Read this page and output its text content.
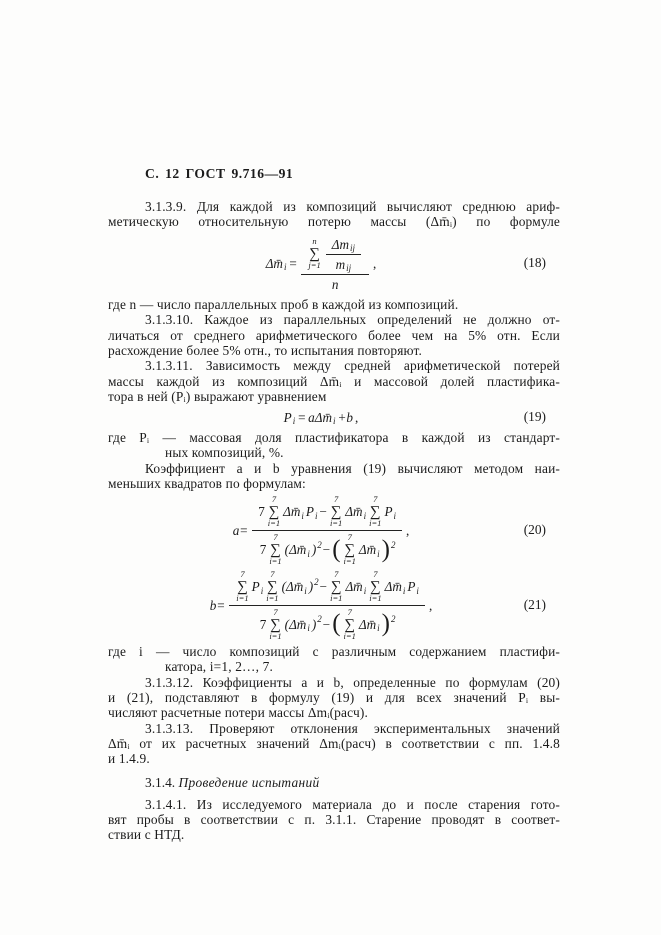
С. 12 ГОСТ 9.716—91
3.1.3.9. Для каждой из композиций вычисляют среднюю ариф-
метическую относительную потерю массы (Δm̄ᵢ) по формуле
Δm̄ i = n
∑
$j=1 \frac{\text{Δm ij}}{\text{m ij}}$
n ,	(18)
где n — число параллельных проб в каждой из композиций.
3.1.3.10. Каждое из параллельных определений не должно от-
личаться от среднего арифметического более чем на 5% отн. Если
расхождение более 5% отн., то испытания повторяют.
3.1.3.11. Зависимость между средней арифметической потерей
массы каждой из композиций Δm̄ᵢ и массовой долей пластифика-
тора в ней (Pᵢ) выражают уравнением
P i = aΔm̄ i +b ,	(19)
где Pᵢ — массовая доля пластификатора в каждой из стандарт-
ных композиций, %.
Коэффициент a и b уравнения (19) вычисляют методом наи-
меньших квадратов по формулам:
a= 7
7
∑
i=1
Δm̄ i P i −
7
∑
i=1
Δm̄ i
7
∑
i=1
P i
7
7
∑
i=1
(Δm̄ i ) 2 − ( 7
∑
i=1
Δm̄ i ) 2 ,	(20)
b= 7
∑
i=1
P i
7
∑
i=1
(Δm̄ i ) 2 −
7
∑
i=1
Δm̄ i
7
∑
i=1
Δm̄ i P i
7
7
∑
i=1
(Δm̄ i ) 2 − ( 7
∑
i=1
Δm̄ i ) 2 ,	(21)
где i — число композиций с различным содержанием пластифи-
катора, i=1, 2…, 7.
3.1.3.12. Коэффициенты a и b, определенные по формулам (20)
и (21), подставляют в формулу (19) и для всех значений Pᵢ вы-
числяют расчетные потери массы Δmᵢ(расч).
3.1.3.13. Проверяют отклонения экспериментальных значений
Δm̄ᵢ от их расчетных значений Δmᵢ(расч) в соответствии с пп. 1.4.8
и 1.4.9.
3.1.4. Проведение испытаний
3.1.4.1. Из исследуемого материала до и после старения гото-
вят пробы в соответствии с п. 3.1.1. Старение проводят в соответ-
ствии с НТД.
